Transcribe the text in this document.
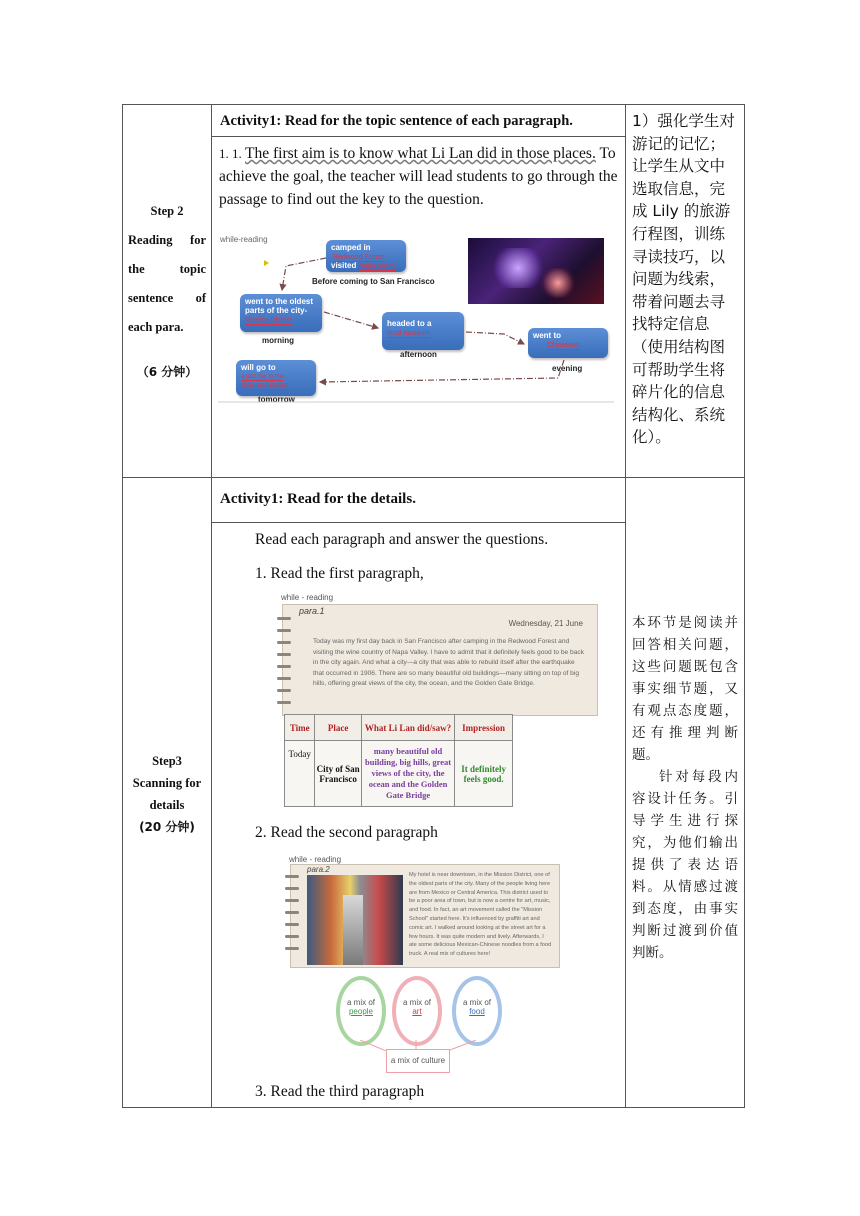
Step 2
Reading for
the topic
sentence of
each para.
（6 分钟）
Activity1: Read for the topic sentence of each paragraph.
1. 1. The first aim is to know what Li Lan did in those places. To achieve the goal, the teacher will lead students to go through the passage to find out the key to the question.
while-reading
camped in
Redwood Forest
visited Napa Valley
Before coming to San Francisco
went to the oldest parts of the city-
Mission District
morning
headed to a
local museum
afternoon
went to
Chinatown
evening
will go to
a jazz bar in the Richmond District
tomorrow
1）强化学生对游记的记忆；让学生从文中选取信息，完成 Lily 的旅游行程图，训练寻读技巧，以问题为线索，带着问题去寻找特定信息（使用结构图可帮助学生将碎片化的信息结构化、系统化）。
Step3
Scanning for
details
(20 分钟)
Activity1: Read for the details.
Read each paragraph and answer the questions.
1. Read the first paragraph,
while - reading
para.1
Wednesday, 21 June
Today was my first day back in San Francisco after camping in the Redwood Forest and visiting the wine country of Napa Valley. I have to admit that it definitely feels good to be back in the city again. And what a city—a city that was able to rebuild itself after the earthquake that occurred in 1906. There are so many beautiful old buildings—many sitting on top of big hills, offering great views of the city, the ocean, and the Golden Gate Bridge.
Time	Place	What Li Lan did/saw?	Impression
Today	City of San Francisco	many beautiful old building, big hills, great views of the city, the ocean and the Golden Gate Bridge	It definitely feels good.
2. Read the second paragraph
while - reading
para.2
My hotel is near downtown, in the Mission District, one of the oldest parts of the city. Many of the people living here are from Mexico or Central America. This district used to be a poor area of town, but is now a centre for art, music, and food. In fact, an art movement called the "Mission School" started here. It's influenced by graffiti art and comic art. I walked around looking at the street art for a few hours. It was quite modern and lively. Afterwards, I ate some delicious Mexican-Chinese noodles from a food truck. A real mix of cultures here!
a mix of
people
a mix of
art
a mix of
food
a mix of culture
3. Read the third paragraph
本环节是阅读并回答相关问题，这些问题既包含事实细节题，又有观点态度题，还有推理判断题。
针对每段内容设计任务。引导学生进行探究，为他们输出提供了表达语料。从情感过渡到态度，由事实判断过渡到价值判断。
